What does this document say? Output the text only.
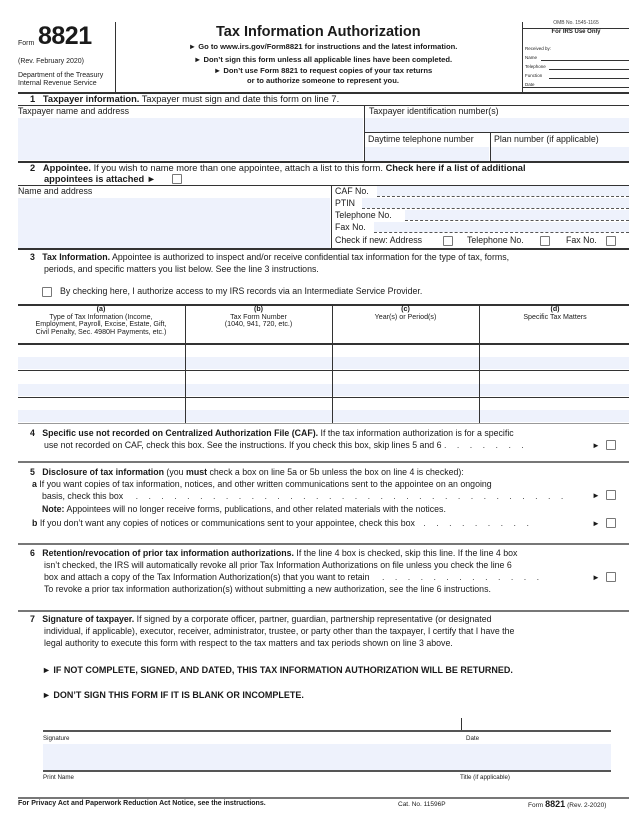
Form 8821
(Rev. February 2020)
Department of the Treasury
Internal Revenue Service
Tax Information Authorization
► Go to www.irs.gov/Form8821 for instructions and the latest information.
► Don’t sign this form unless all applicable lines have been completed.
► Don’t use Form 8821 to request copies of your tax returns
or to authorize someone to represent you.
OMB No. 1545-1165
For IRS Use Only
Received by:
Name
Telephone
Function
Date
1 Taxpayer information. Taxpayer must sign and date this form on line 7.
Taxpayer name and address	Taxpayer identification number(s)
Daytime telephone number Plan number (if applicable)
2 Appointee. If you wish to name more than one appointee, attach a list to this form. Check here if a list of additional
appointees is attached ►
Name and address	CAF No.
PTIN
Telephone No.
Fax No.
Check if new: Address	Telephone No.	Fax No.
3 Tax Information. Appointee is authorized to inspect and/or receive confidential tax information for the type of tax, forms,
periods, and specific matters you list below. See the line 3 instructions.
By checking here, I authorize access to my IRS records via an Intermediate Service Provider.
(a)
Type of Tax Information (Income,
Employment, Payroll, Excise, Estate, Gift,
Civil Penalty, Sec. 4980H Payments, etc.)
(b)
Tax Form Number
(1040, 941, 720, etc.)
(c)
Year(s) or Period(s)
(d)
Specific Tax Matters
4 Specific use not recorded on Centralized Authorization File (CAF). If the tax information authorization is for a specific
use not recorded on CAF, check this box. See the instructions. If you check this box, skip lines 5 and 6 . . . . . . .	►
5 Disclosure of tax information (you must check a box on line 5a or 5b unless the box on line 4 is checked):
a If you want copies of tax information, notices, and other written communications sent to the appointee on an ongoing
basis, check this box . . . . . . . . . . . . . . . . . . . . . . . . . . . . . . . . . .	►
Note: Appointees will no longer receive forms, publications, and other related materials with the notices.
b If you don’t want any copies of notices or communications sent to your appointee, check this box . . . . . . . . .	►
6 Retention/revocation of prior tax information authorizations. If the line 4 box is checked, skip this line. If the line 4 box
isn’t checked, the IRS will automatically revoke all prior Tax Information Authorizations on file unless you check the line 6
box and attach a copy of the Tax Information Authorization(s) that you want to retain . . . . . . . . . . . . .
To revoke a prior tax information authorization(s) without submitting a new authorization, see the line 6 instructions.
►
7 Signature of taxpayer. If signed by a corporate officer, partner, guardian, partnership representative (or designated
individual, if applicable), executor, receiver, administrator, trustee, or party other than the taxpayer, I certify that I have the
legal authority to execute this form with respect to the tax matters and tax periods shown on line 3 above.
► IF NOT COMPLETE, SIGNED, AND DATED, THIS TAX INFORMATION AUTHORIZATION WILL BE RETURNED.
► DON’T SIGN THIS FORM IF IT IS BLANK OR INCOMPLETE.
Signature	Date
Print Name	Title (if applicable)
For Privacy Act and Paperwork Reduction Act Notice, see the instructions.	Cat. No. 11596P	Form 8821 (Rev. 2-2020)
